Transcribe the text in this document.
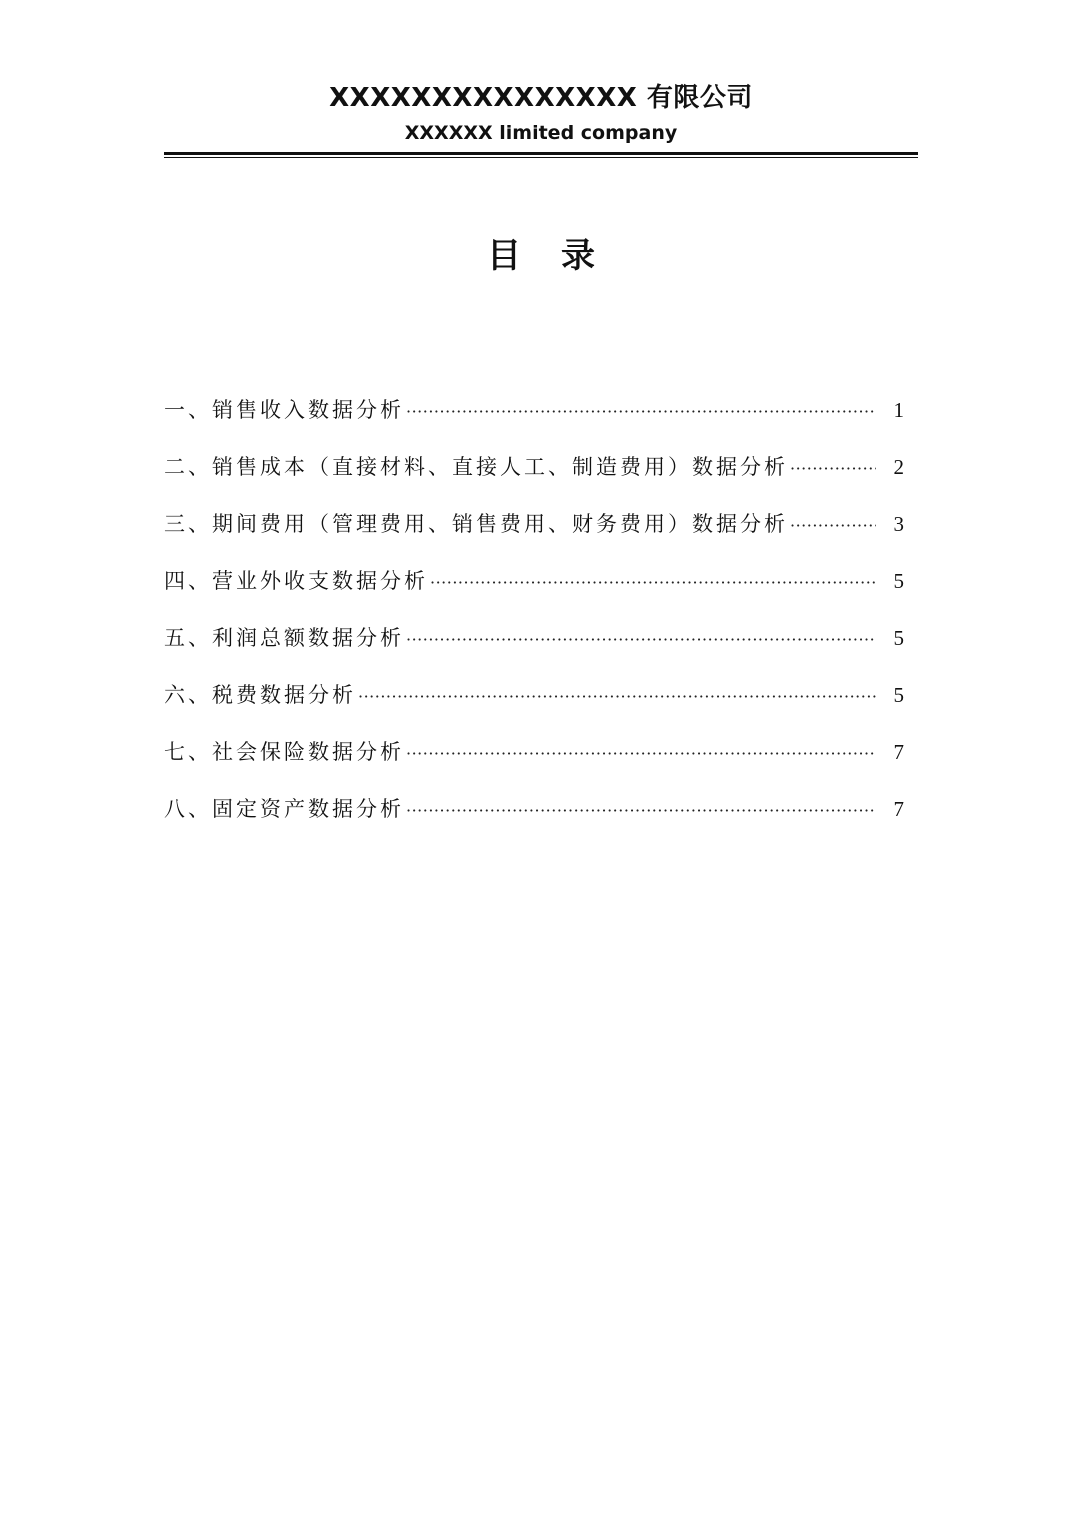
XXXXXXXXXXXXXXX 有限公司
XXXXXX limited company
目录
一、销售收入数据分析 ·····	1
二、销售成本（直接材料、直接人工、制造费用）数据分析 ·····	2
三、期间费用（管理费用、销售费用、财务费用）数据分析 ·····	3
四、营业外收支数据分析 ·····	5
五、利润总额数据分析 ·····	5
六、税费数据分析 ·····	5
七、社会保险数据分析 ·····	7
八、固定资产数据分析 ·····	7
